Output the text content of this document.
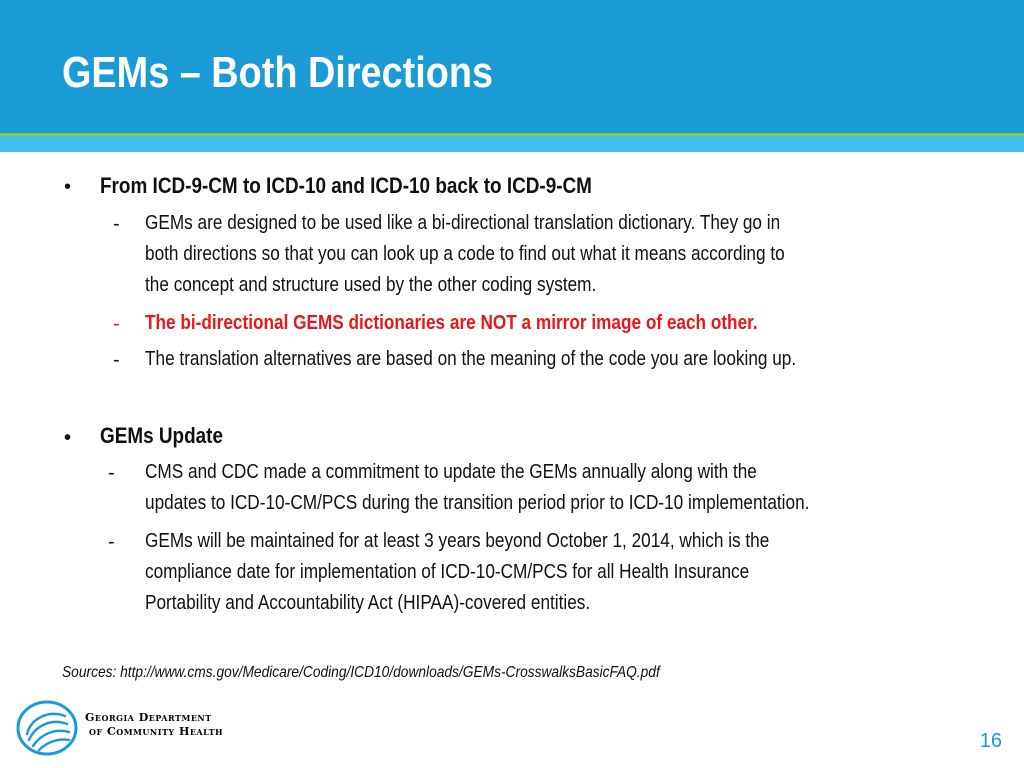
GEMs – Both Directions
• From ICD-9-CM to ICD-10 and ICD-10 back to ICD-9-CM
- GEMs are designed to be used like a bi-directional translation dictionary. They go in
both directions so that you can look up a code to find out what it means according to
the concept and structure used by the other coding system.
- The bi-directional GEMS dictionaries are NOT a mirror image of each other.
- The translation alternatives are based on the meaning of the code you are looking up.
• GEMs Update
- CMS and CDC made a commitment to update the GEMs annually along with the
updates to ICD-10-CM/PCS during the transition period prior to ICD-10 implementation.
- GEMs will be maintained for at least 3 years beyond October 1, 2014, which is the
compliance date for implementation of ICD-10-CM/PCS for all Health Insurance
Portability and Accountability Act (HIPAA)-covered entities.
Sources: http://www.cms.gov/Medicare/Coding/ICD10/downloads/GEMs-CrosswalksBasicFAQ.pdf
Georgia Department
of Community Health	16
